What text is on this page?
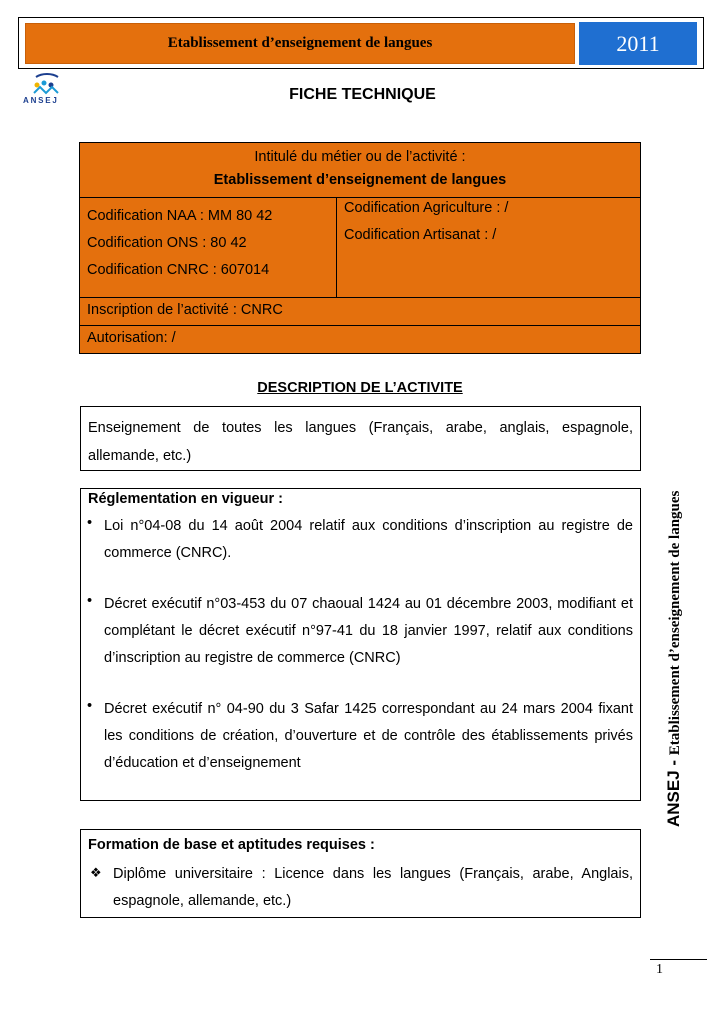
Etablissement d’enseignement de langues	2011
ANSEJ	FICHE TECHNIQUE
Intitulé du métier ou de l’activité :
Etablissement d’enseignement de langues
Codification NAA : MM 80 42
Codification ONS : 80 42
Codification CNRC : 607014
Codification Agriculture : /
Codification Artisanat : /
Inscription de l’activité : CNRC
Autorisation: /
DESCRIPTION DE L’ACTIVITE
Enseignement de toutes les langues (Français, arabe, anglais, espagnole, allemande, etc.)
Réglementation en vigueur :
• Loi n°04-08 du 14 août 2004 relatif aux conditions d’inscription au registre de commerce (CNRC).
• Décret exécutif n°03-453 du 07 chaoual 1424 au 01 décembre 2003, modifiant et complétant le décret exécutif n°97-41 du 18 janvier 1997, relatif aux conditions d’inscription au registre de commerce (CNRC)
• Décret exécutif n° 04-90 du 3 Safar 1425 correspondant au 24 mars 2004 fixant les conditions de création, d’ouverture et de contrôle des établissements privés d’éducation et d’enseignement
Formation de base et aptitudes requises :
❖ Diplôme universitaire : Licence dans les langues (Français, arabe, Anglais, espagnole, allemande, etc.)
ANSEJ - Etablissement d’enseignement de langues
1
